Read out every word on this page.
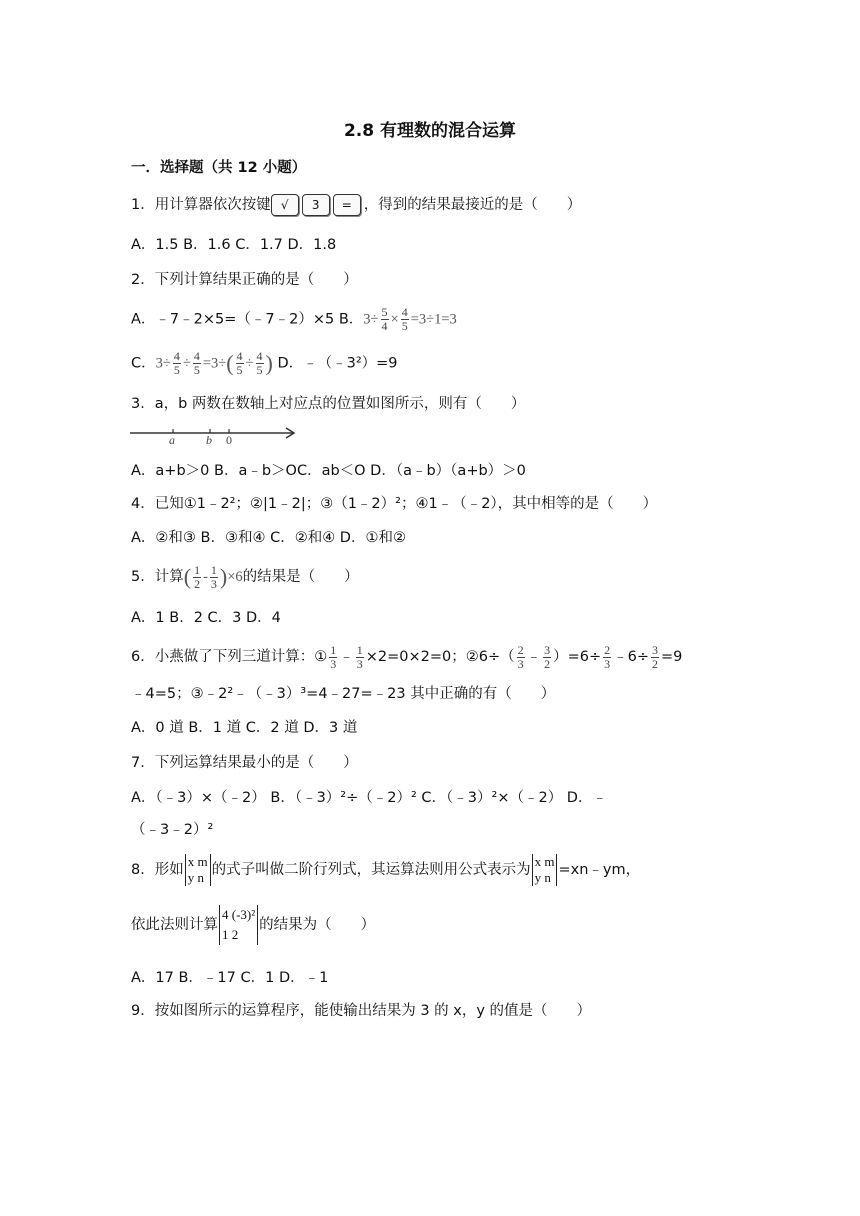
2.8 有理数的混合运算
一．选择题（共 12 小题）
1．用计算器依次按键 √ 3 = ，得到的结果最接近的是（　　）
A．1.5 B．1.6 C．1.7 D．1.8
2．下列计算结果正确的是（　　）
A．﹣7﹣2×5=（﹣7﹣2）×5 B．$3\div \frac{5}{4} \times \frac{4}{5} =3\div 1=3$
C．$3\div \frac{4}{5} \div \frac{4}{5} =3\div( \frac{4}{5} \div \frac{4}{5}$ ) D．﹣（﹣3²）=9
3．a，b 两数在数轴上对应点的位置如图所示，则有（　　）
a	b 0
A．a+b＞0 B．a﹣b＞OC．ab＜O D．（a﹣b）（a+b）＞0
4．已知①1﹣2²；②|1﹣2|；③（1﹣2）²；④1﹣（﹣2），其中相等的是（　　）
A．②和③ B．③和④ C．②和④ D．①和②
5．计算( $\frac{1}{2} - \frac{1}{3} )\times 6$的结果是（　　）
A．1 B．2 C．3 D．4
6．小燕做了下列三道计算：① $\frac{1}{3}$ ﹣ $\frac{1}{3} \times 2=0\times 2=0$；②6÷（ $\frac{2}{3}$ ﹣ $\frac{3}{2} )=6\div \frac{2}{3}$ ﹣6÷ $\frac{3}{2} =9$
﹣4=5；③﹣2²﹣（﹣3）³=4﹣27=﹣23 其中正确的有（　　）
A．0 道 B．1 道 C．2 道 D．3 道
7．下列运算结果最小的是（　　）
A．（﹣3）×（﹣2） B．（﹣3）²÷（﹣2）² C．（﹣3）²×（﹣2） D．﹣
（﹣3﹣2）²
8．形如
x m
y n 的式子叫做二阶行列式，其运算法则用公式表示为
x m
y n =xn﹣ym，
依此法则计算
4 (-3)²
1 2
的结果为（　　）
A．17 B．﹣17 C．1 D．﹣1
9．按如图所示的运算程序，能使输出结果为 3 的 x，y 的值是（　　）
